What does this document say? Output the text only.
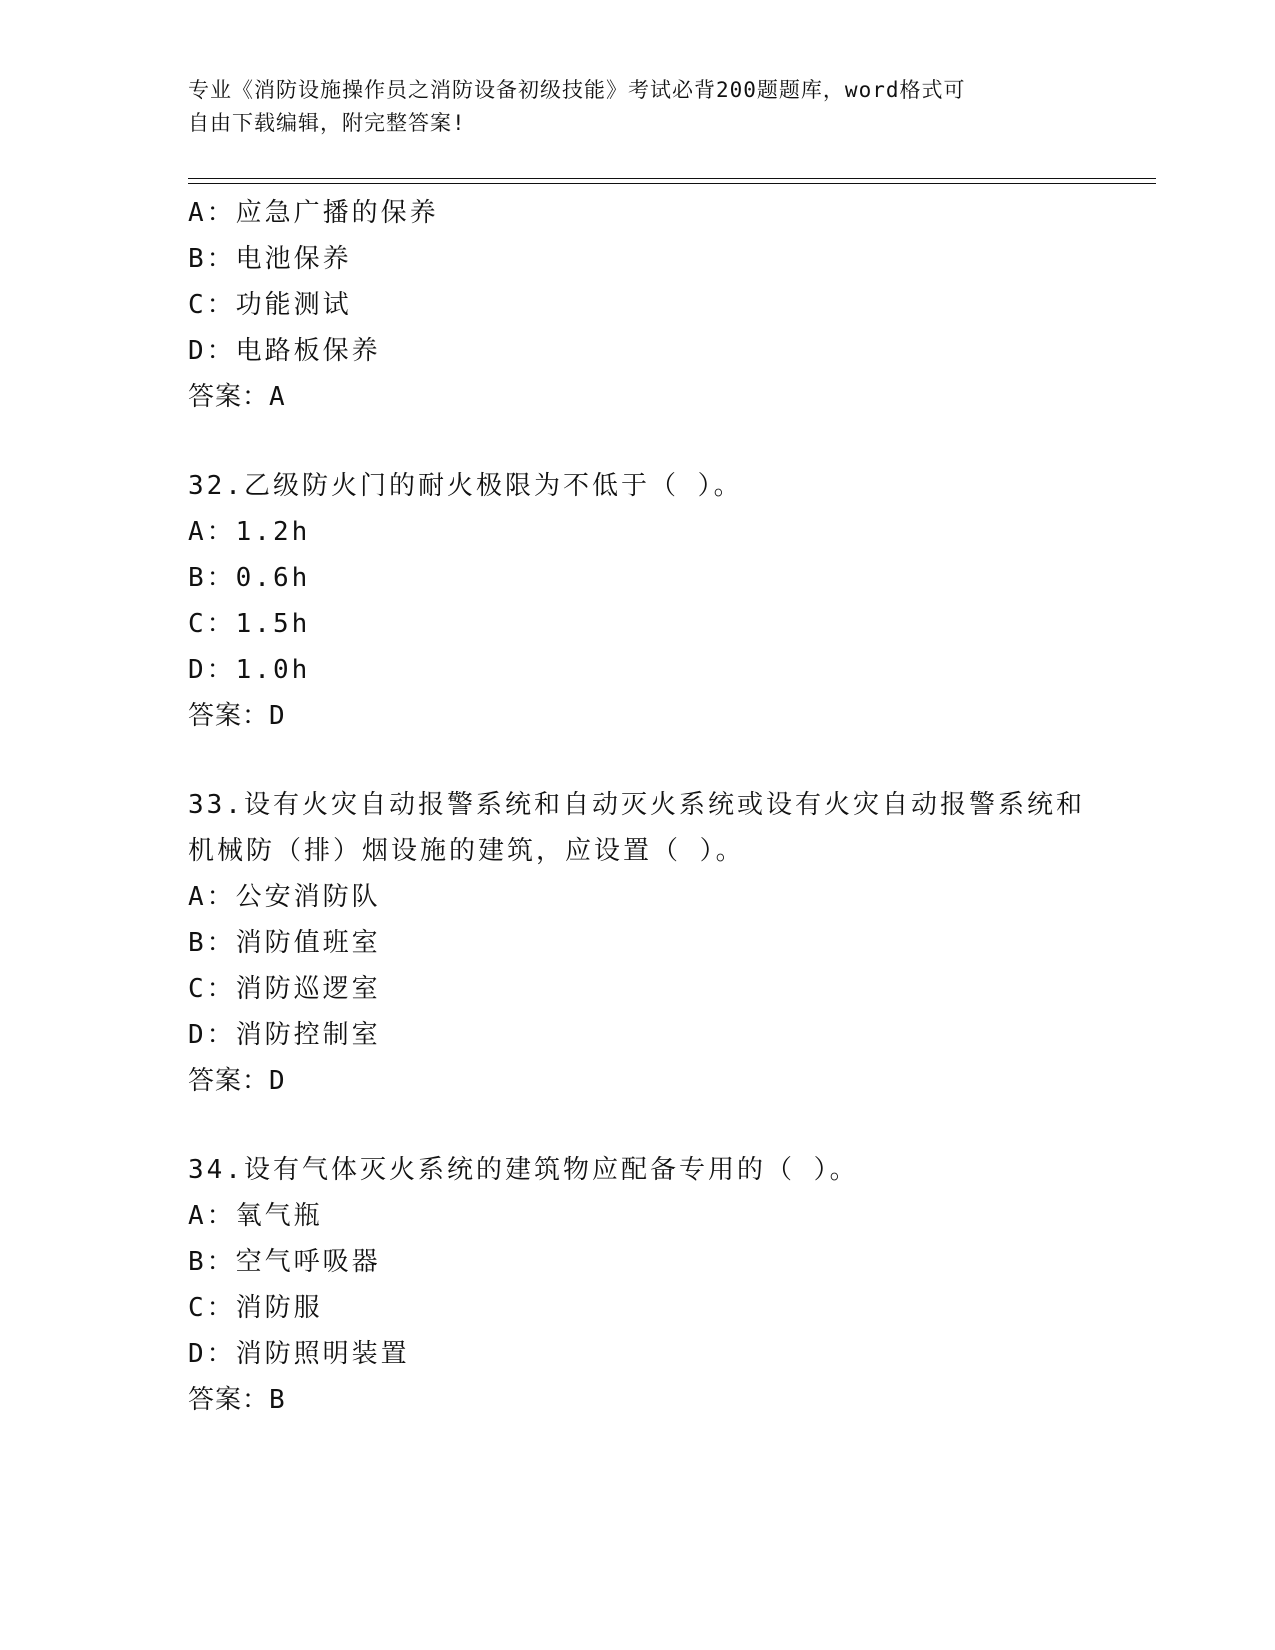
专业《消防设施操作员之消防设备初级技能》考试必背200题题库，word格式可
自由下载编辑，附完整答案!
A：应急广播的保养
B：电池保养
C：功能测试
D：电路板保养
答案：A
32.乙级防火门的耐火极限为不低于（ ）。
A：1.2h
B：0.6h
C：1.5h
D：1.0h
答案：D
33.设有火灾自动报警系统和自动灭火系统或设有火灾自动报警系统和
机械防（排）烟设施的建筑，应设置（ ）。
A：公安消防队
B：消防值班室
C：消防巡逻室
D：消防控制室
答案：D
34.设有气体灭火系统的建筑物应配备专用的（ ）。
A：氧气瓶
B：空气呼吸器
C：消防服
D：消防照明装置
答案：B
